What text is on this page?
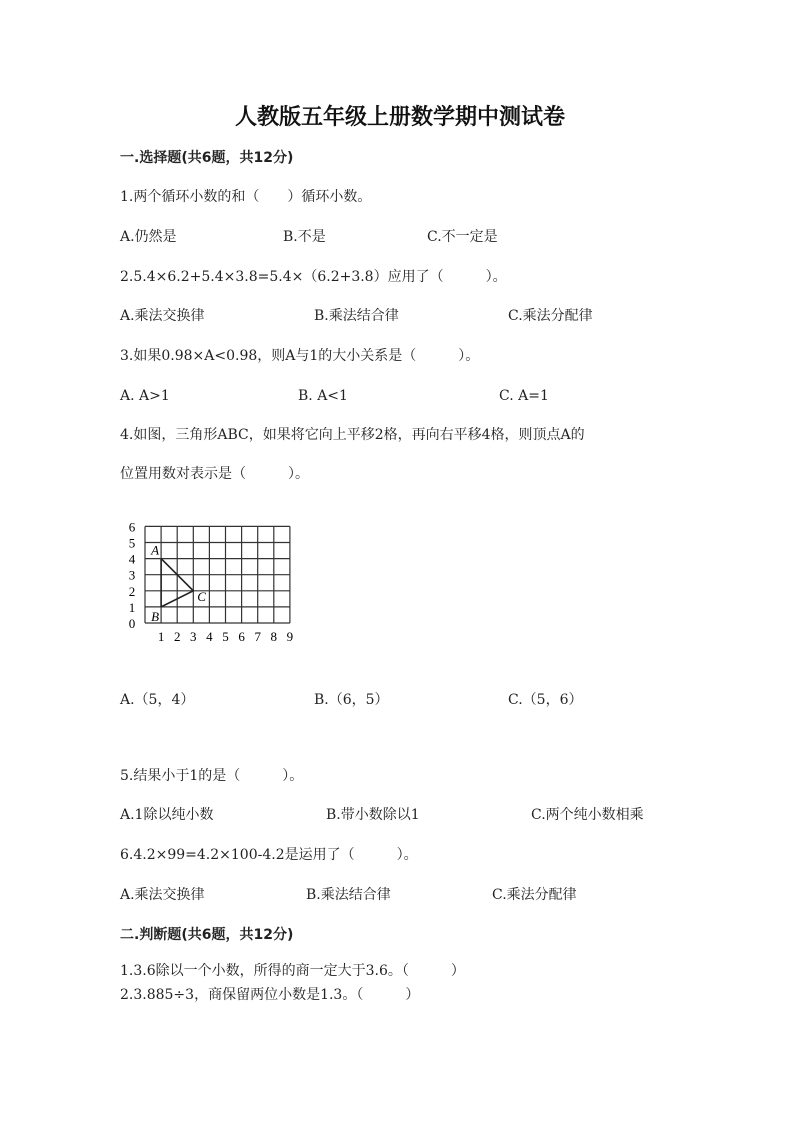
人教版五年级上册数学期中测试卷
一.选择题(共6题，共12分)
1.两个循环小数的和（　　）循环小数。
A.仍然是	B.不是	C.不一定是
2.5.4×6.2+5.4×3.8=5.4×（6.2+3.8）应用了（　　　）。
A.乘法交换律	B.乘法结合律	C.乘法分配律
3.如果0.98×A<0.98，则A与1的大小关系是（　　　）。
A. A>1	B. A<1	C. A=1
4.如图，三角形ABC，如果将它向上平移2格，再向右平移4格，则顶点A的
位置用数对表示是（　　　）。
1 2 3 4 5 6 7 8 9
0
1
2
3
4
5
6
A
B
C
A.（5，4）	B.（6，5）	C.（5，6）
5.结果小于1的是（　　　）。
A.1除以纯小数	B.带小数除以1	C.两个纯小数相乘
6.4.2×99=4.2×100-4.2是运用了（　　　）。
A.乘法交换律	B.乘法结合律	C.乘法分配律
二.判断题(共6题，共12分)
1.3.6除以一个小数，所得的商一定大于3.6。（　　　）
2.3.885÷3，商保留两位小数是1.3。（　　　）
